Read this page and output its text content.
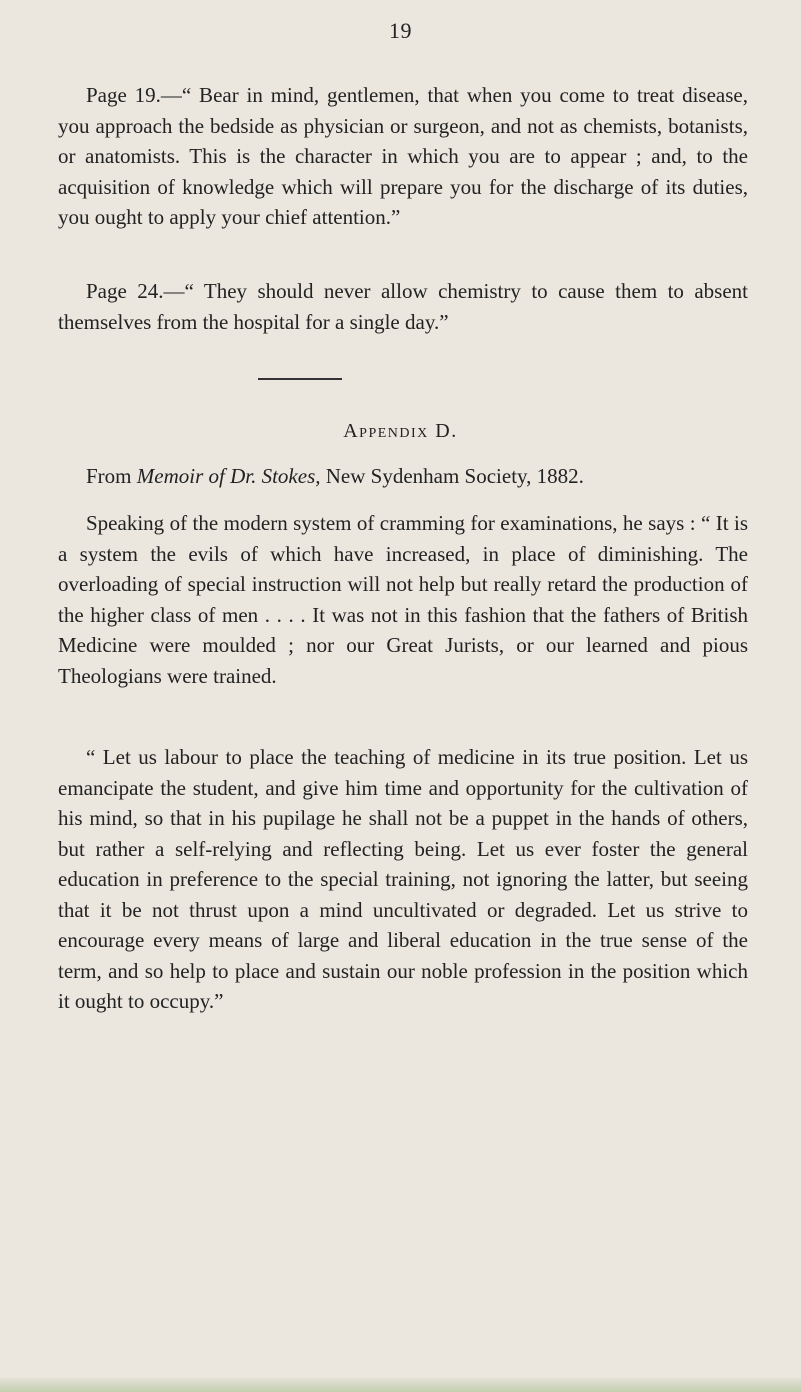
19

Page 19.—“ Bear in mind, gentlemen, that when you come to treat disease, you approach the bedside as physician or surgeon, and not as chemists, botanists, or anatomists. This is the character in which you are to appear ; and, to the acquisition of knowledge which will prepare you for the discharge of its duties, you ought to apply your chief attention.”

Page 24.—“ They should never allow chemistry to cause them to absent themselves from the hospital for a single day.”

Appendix D.

From Memoir of Dr. Stokes, New Sydenham Society, 1882.

Speaking of the modern system of cramming for examinations, he says : “ It is a system the evils of which have increased, in place of diminishing. The overloading of special instruction will not help but really retard the production of the higher class of men . . . . It was not in this fashion that the fathers of British Medicine were moulded ; nor our Great Jurists, or our learned and pious Theologians were trained.

“ Let us labour to place the teaching of medicine in its true position. Let us emancipate the student, and give him time and opportunity for the cultivation of his mind, so that in his pupilage he shall not be a puppet in the hands of others, but rather a self-relying and reflecting being. Let us ever foster the general education in preference to the special training, not ignoring the latter, but seeing that it be not thrust upon a mind uncultivated or degraded. Let us strive to encourage every means of large and liberal education in the true sense of the term, and so help to place and sustain our noble profession in the position which it ought to occupy.”
